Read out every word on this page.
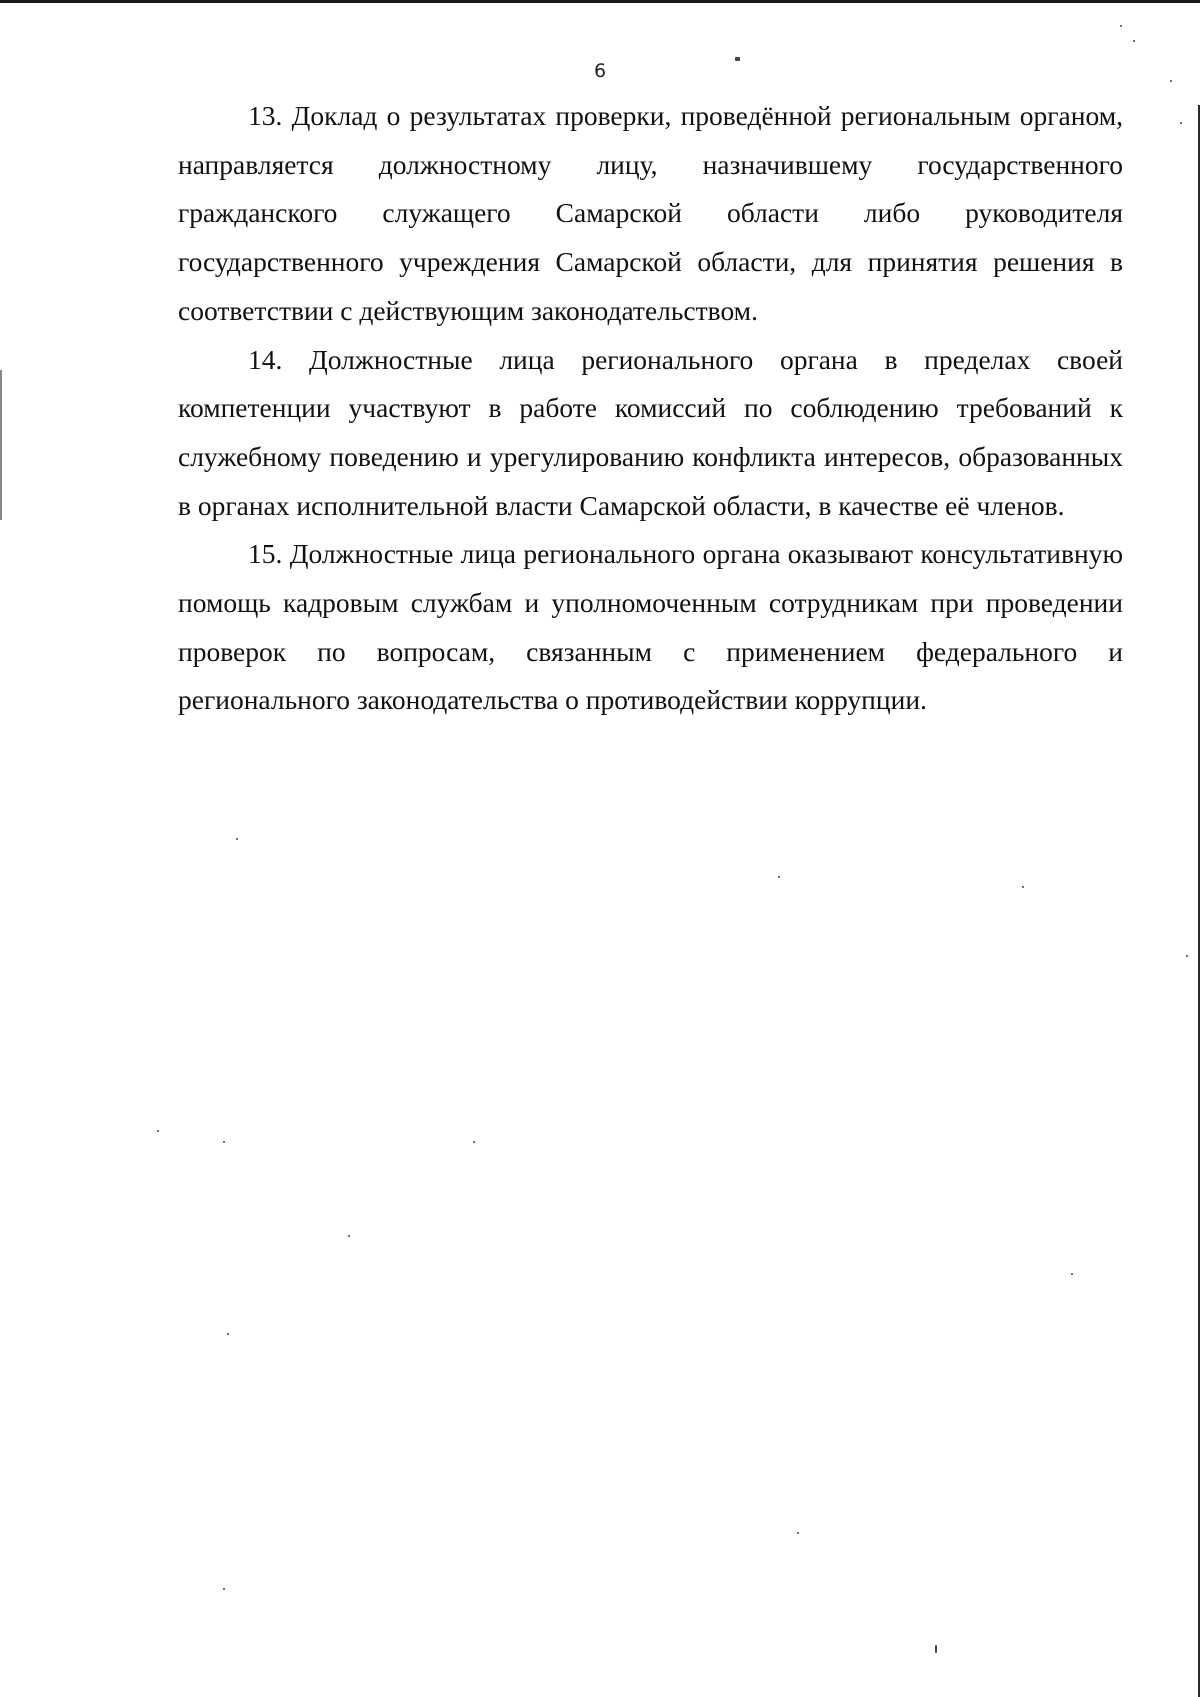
6

13. Доклад о результатах проверки, проведённой региональным органом, направляется должностному лицу, назначившему государственного гражданского служащего Самарской области либо руководителя государственного учреждения Самарской области, для принятия решения в соответствии с действующим законодательством.

14. Должностные лица регионального органа в пределах своей компетенции участвуют в работе комиссий по соблюдению требований к служебному поведению и урегулированию конфликта интересов, образованных в органах исполнительной власти Самарской области, в качестве её членов.

15. Должностные лица регионального органа оказывают консультативную помощь кадровым службам и уполномоченным сотрудникам при проведении проверок по вопросам, связанным с применением федерального и регионального законодательства о противодействии коррупции.
